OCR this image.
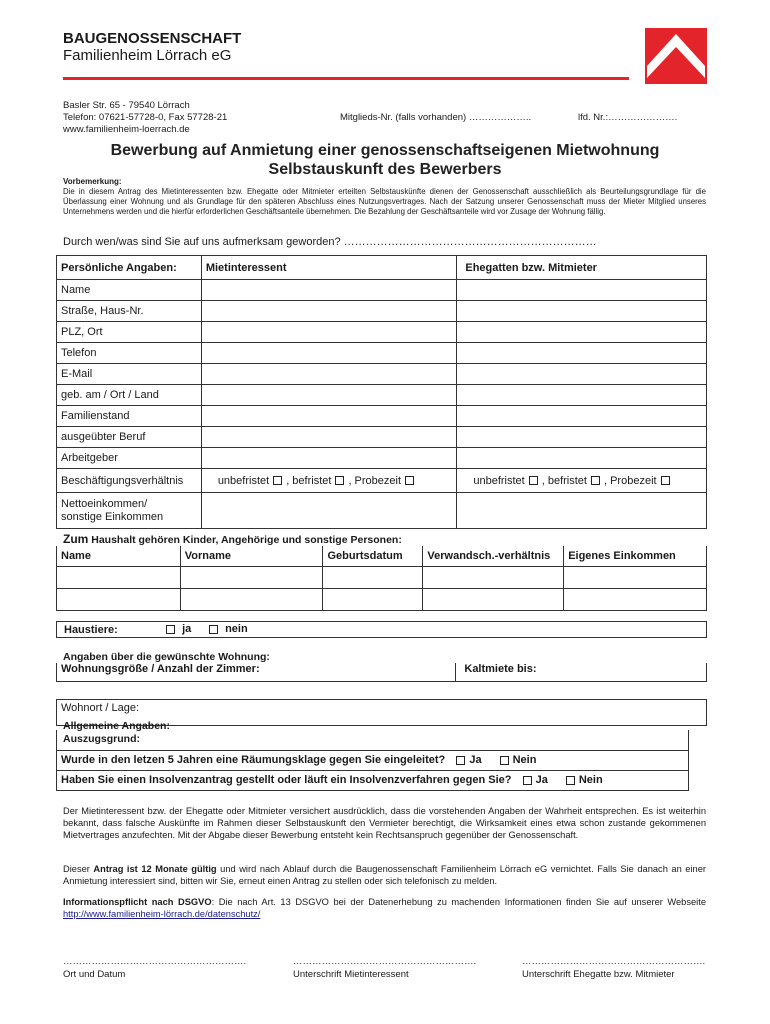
BAUGENOSSENSCHAFT
Familienheim Lörrach eG
Basler Str. 65 - 79540 Lörrach
Telefon: 07621-57728-0, Fax 57728-21
www.familienheim-loerrach.de
Mitglieds-Nr. (falls vorhanden) ………………..	lfd. Nr.:………………….
Bewerbung auf Anmietung einer genossenschaftseigenen Mietwohnung
Selbstauskunft des Bewerbers
Vorbemerkung:
Die in diesem Antrag des Mietinteressenten bzw. Ehegatte oder Mitmieter erteilten Selbstauskünfte dienen der Genossenschaft ausschließlich als Beurteilungsgrundlage für die Überlassung einer Wohnung und als Grundlage für den späteren Abschluss eines Nutzungsvertrages. Nach der Satzung unserer Genossenschaft muss der Mieter Mitglied unseres Unternehmens werden und die hierfür erforderlichen Geschäftsanteile übernehmen. Die Bezahlung der Geschäftsanteile wird vor Zusage der Wohnung fällig.
Durch wen/was sind Sie auf uns aufmerksam geworden? ……………………………………………………………
Persönliche Angaben:	Mietinteressent	Ehegatten bzw. Mitmieter
Name		
Straße, Haus-Nr.		
PLZ, Ort		
Telefon		
E-Mail		
geb. am / Ort / Land		
Familienstand		
ausgeübter Beruf		
Arbeitgeber		
Beschäftigungsverhältnis	unbefristet , befristet , Probezeit	unbefristet , befristet , Probezeit

Nettoeinkommen/
sonstige Einkommen		

Zum Haushalt gehören Kinder, Angehörige und sonstige Personen:
Name	Vorname	Geburtsdatum	Verwandsch.-verhältnis	Eigenes Einkommen

Haustiere:	ja	nein
Angaben über die gewünschte Wohnung:
Wohnungsgröße / Anzahl der Zimmer:	Kaltmiete bis:

Wohnort / Lage:	
Allgemeine Angaben:
Auszugsgrund:

Wurde in den letzen 5 Jahren eine Räumungsklage gegen Sie eingeleitet? Ja	Nein
Haben Sie einen Insolvenzantrag gestellt oder läuft ein Insolvenzverfahren gegen Sie? Ja	Nein
Der Mietinteressent bzw. der Ehegatte oder Mitmieter versichert ausdrücklich, dass die vorstehenden Angaben der Wahrheit entsprechen. Es ist weiterhin bekannt, dass falsche Auskünfte im Rahmen dieser Selbstauskunft den Vermieter berechtigt, die Wirksamkeit eines etwa schon zustande gekommenen Mietvertrages anzufechten. Mit der Abgabe dieser Bewerbung entsteht kein Rechtsanspruch gegenüber der Genossenschaft.
Dieser Antrag ist 12 Monate gültig und wird nach Ablauf durch die Baugenossenschaft Familienheim Lörrach eG vernichtet. Falls Sie danach an einer Anmietung interessiert sind, bitten wir Sie, erneut einen Antrag zu stellen oder sich telefonisch zu melden.
Informationspflicht nach DSGVO: Die nach Art. 13 DSGVO bei der Datenerhebung zu machenden Informationen finden Sie auf unserer Webseite http://www.familienheim-lörrach.de/datenschutz/
………………………………………………….
Ort und Datum
………………………………………………….
Unterschrift Mietinteressent
………………………………………………….
Unterschrift Ehegatte bzw. Mitmieter
